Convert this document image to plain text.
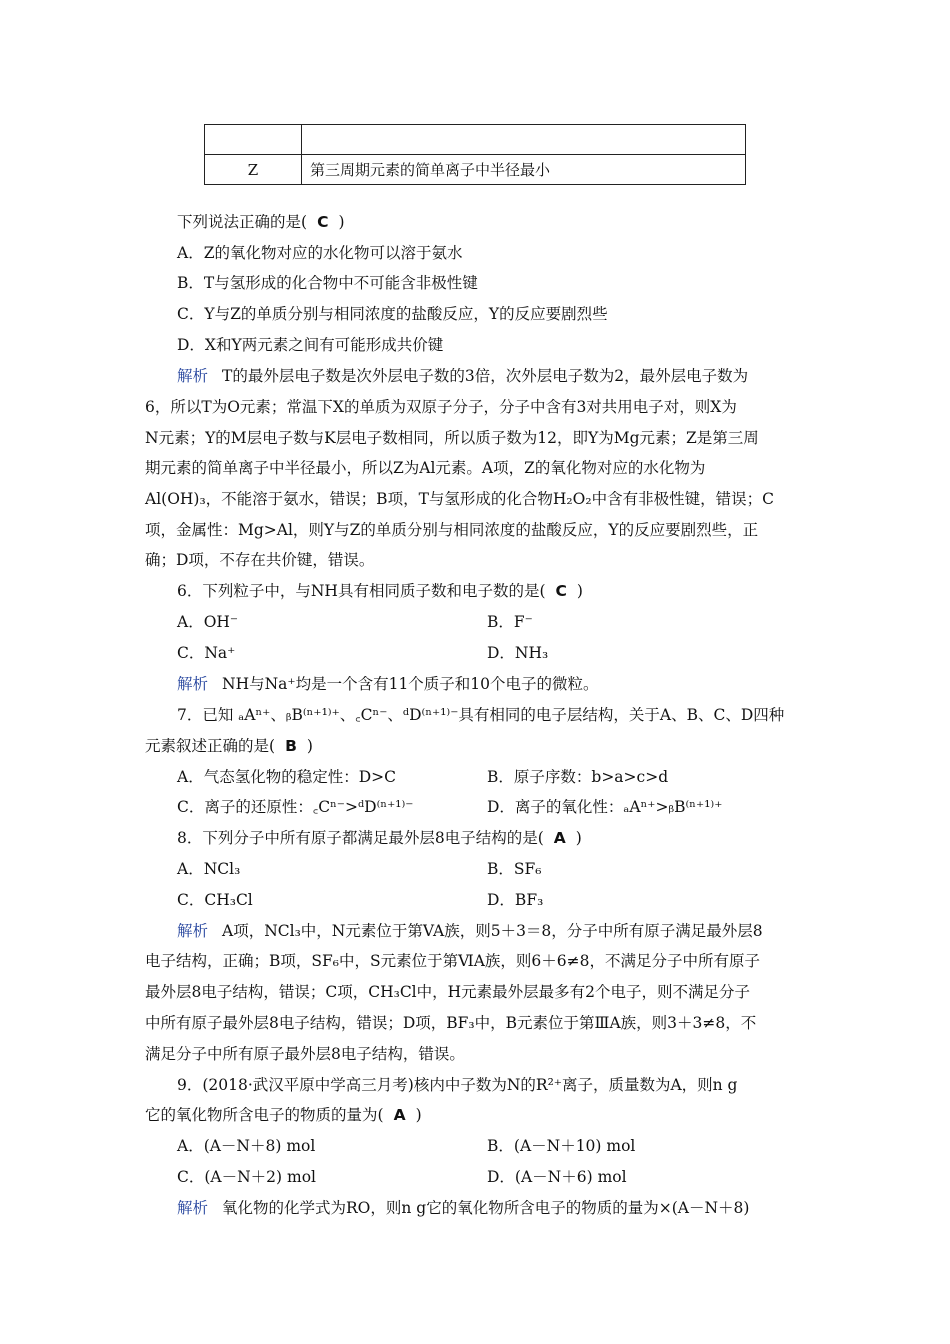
Z	第三周期元素的简单离子中半径最小
下列说法正确的是( C )
A．Z的氧化物对应的水化物可以溶于氨水
B．T与氢形成的化合物中不可能含非极性键
C．Y与Z的单质分别与相同浓度的盐酸反应，Y的反应要剧烈些
D．X和Y两元素之间有可能形成共价键
解析 T的最外层电子数是次外层电子数的3倍，次外层电子数为2，最外层电子数为
6，所以T为O元素；常温下X的单质为双原子分子，分子中含有3对共用电子对，则X为
N元素；Y的M层电子数与K层电子数相同，所以质子数为12，即Y为Mg元素；Z是第三周
期元素的简单离子中半径最小，所以Z为Al元素。A项，Z的氧化物对应的水化物为
Al(OH)₃，不能溶于氨水，错误；B项，T与氢形成的化合物H₂O₂中含有非极性键，错误；C
项，金属性：Mg>Al，则Y与Z的单质分别与相同浓度的盐酸反应，Y的反应要剧烈些，正
确；D项，不存在共价键，错误。
6．下列粒子中，与NH具有相同质子数和电子数的是( C )
A．OH⁻	B．F⁻
C．Na⁺	D．NH₃
解析 NH与Na⁺均是一个含有11个质子和10个电子的微粒。
7．已知 ₐAⁿ⁺、ᵦB⁽ⁿ⁺¹⁾⁺、꜀Cⁿ⁻、ᵈD⁽ⁿ⁺¹⁾⁻具有相同的电子层结构，关于A、B、C、D四种
元素叙述正确的是( B )
A．气态氢化物的稳定性：D>C	B．原子序数：b>a>c>d
C．离子的还原性：꜀Cⁿ⁻>ᵈD⁽ⁿ⁺¹⁾⁻	D．离子的氧化性：ₐAⁿ⁺>ᵦB⁽ⁿ⁺¹⁾⁺
8．下列分子中所有原子都满足最外层8电子结构的是( A )
A．NCl₃	B．SF₆
C．CH₃Cl	D．BF₃
解析 A项，NCl₃中，N元素位于第VA族，则5＋3＝8，分子中所有原子满足最外层8
电子结构，正确；B项，SF₆中，S元素位于第ⅥA族，则6＋6≠8，不满足分子中所有原子
最外层8电子结构，错误；C项，CH₃Cl中，H元素最外层最多有2个电子，则不满足分子
中所有原子最外层8电子结构，错误；D项，BF₃中，B元素位于第ⅢA族，则3＋3≠8，不
满足分子中所有原子最外层8电子结构，错误。
9．(2018·武汉平原中学高三月考)核内中子数为N的R²⁺离子，质量数为A，则n g
它的氧化物所含电子的物质的量为( A )
A．(A－N＋8) mol	B．(A－N＋10) mol
C．(A－N＋2) mol	D．(A－N＋6) mol
解析 氧化物的化学式为RO，则n g它的氧化物所含电子的物质的量为×(A－N＋8)
